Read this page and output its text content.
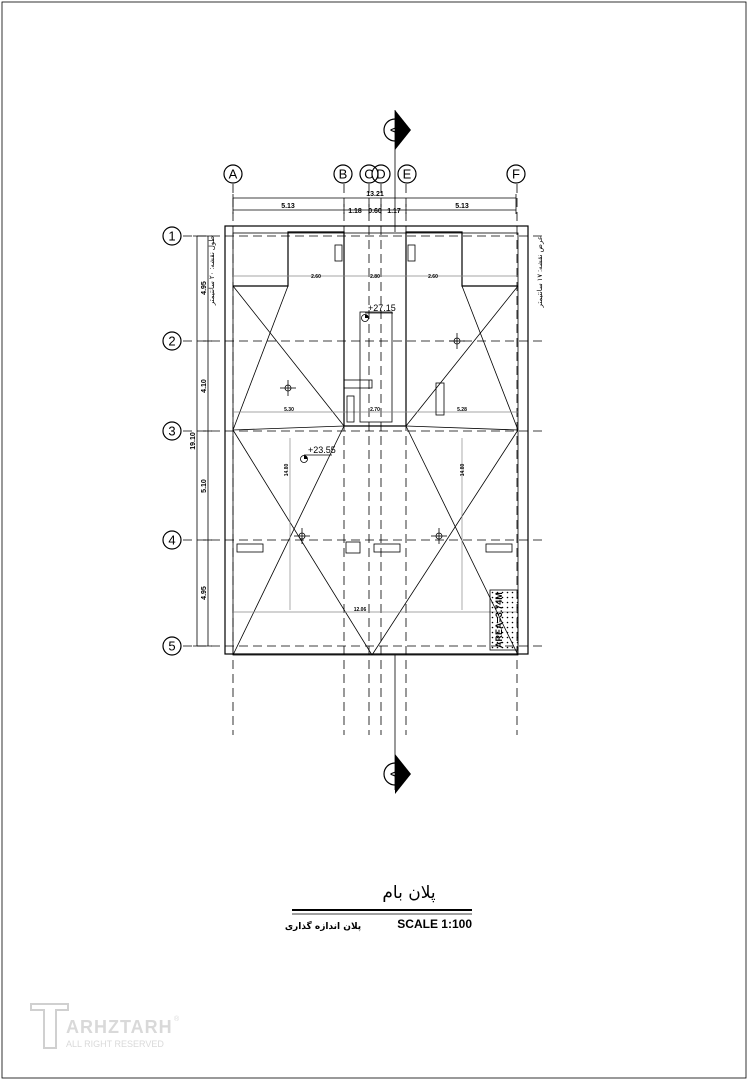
A	B C D E	F
1
2
3
4
5
13.21
5.13
1.18 0.60 1.17
5.13
19.10
4.95
4.10
5.10
4.95
طول نقشه: ۲۰ سانتیمتر
عرض نقشه: ۱۷ سانتیمتر
2.60	2.80	2.60
5.30	2.70	5.28
14.80	14.80
12.06
+27.15
+23.55
AREA=3.74M
A
A
پلان بام
پلان اندازه گذاری	SCALE 1:100
ARHZTARH ®
ALL RIGHT RESERVED
